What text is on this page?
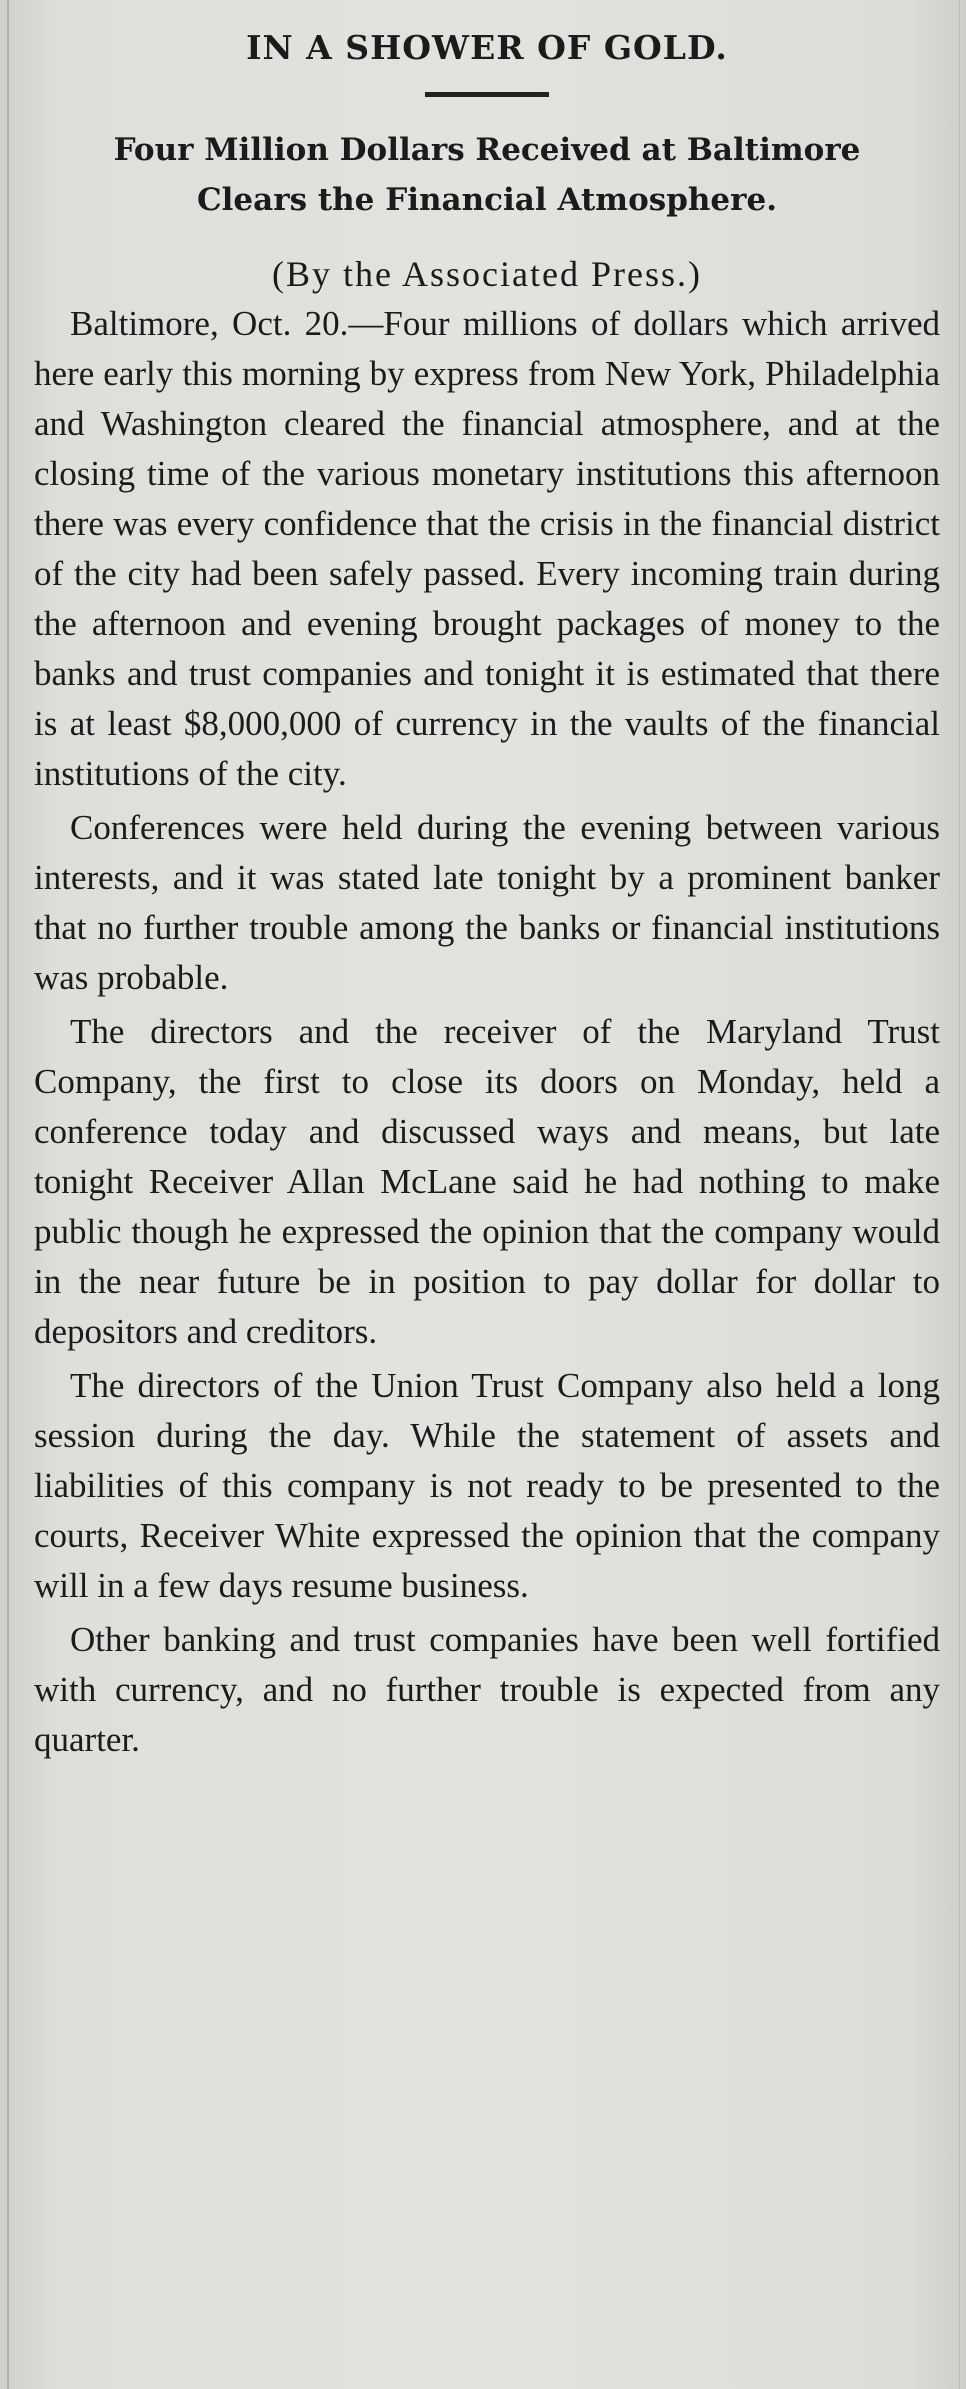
IN A SHOWER OF GOLD.
Four Million Dollars Received at Baltimore
Clears the Financial Atmosphere.

(By the Associated Press.)

Baltimore, Oct. 20.—Four millions of dollars which arrived here early this morning by express from New York, Philadelphia and Washington cleared the financial atmosphere, and at the closing time of the various monetary institutions this afternoon there was every confidence that the crisis in the financial district of the city had been safely passed. Every incoming train during the afternoon and evening brought packages of money to the banks and trust companies and tonight it is estimated that there is at least $8,000,000 of currency in the vaults of the financial institutions of the city.

Conferences were held during the evening between various interests, and it was stated late tonight by a prominent banker that no further trouble among the banks or financial institutions was probable.

The directors and the receiver of the Maryland Trust Company, the first to close its doors on Monday, held a conference today and discussed ways and means, but late tonight Receiver Allan McLane said he had nothing to make public though he expressed the opinion that the company would in the near future be in position to pay dollar for dollar to depositors and creditors.

The directors of the Union Trust Company also held a long session during the day. While the statement of assets and liabilities of this company is not ready to be presented to the courts, Receiver White expressed the opinion that the company will in a few days resume business.

Other banking and trust companies have been well fortified with currency, and no further trouble is expected from any quarter.
